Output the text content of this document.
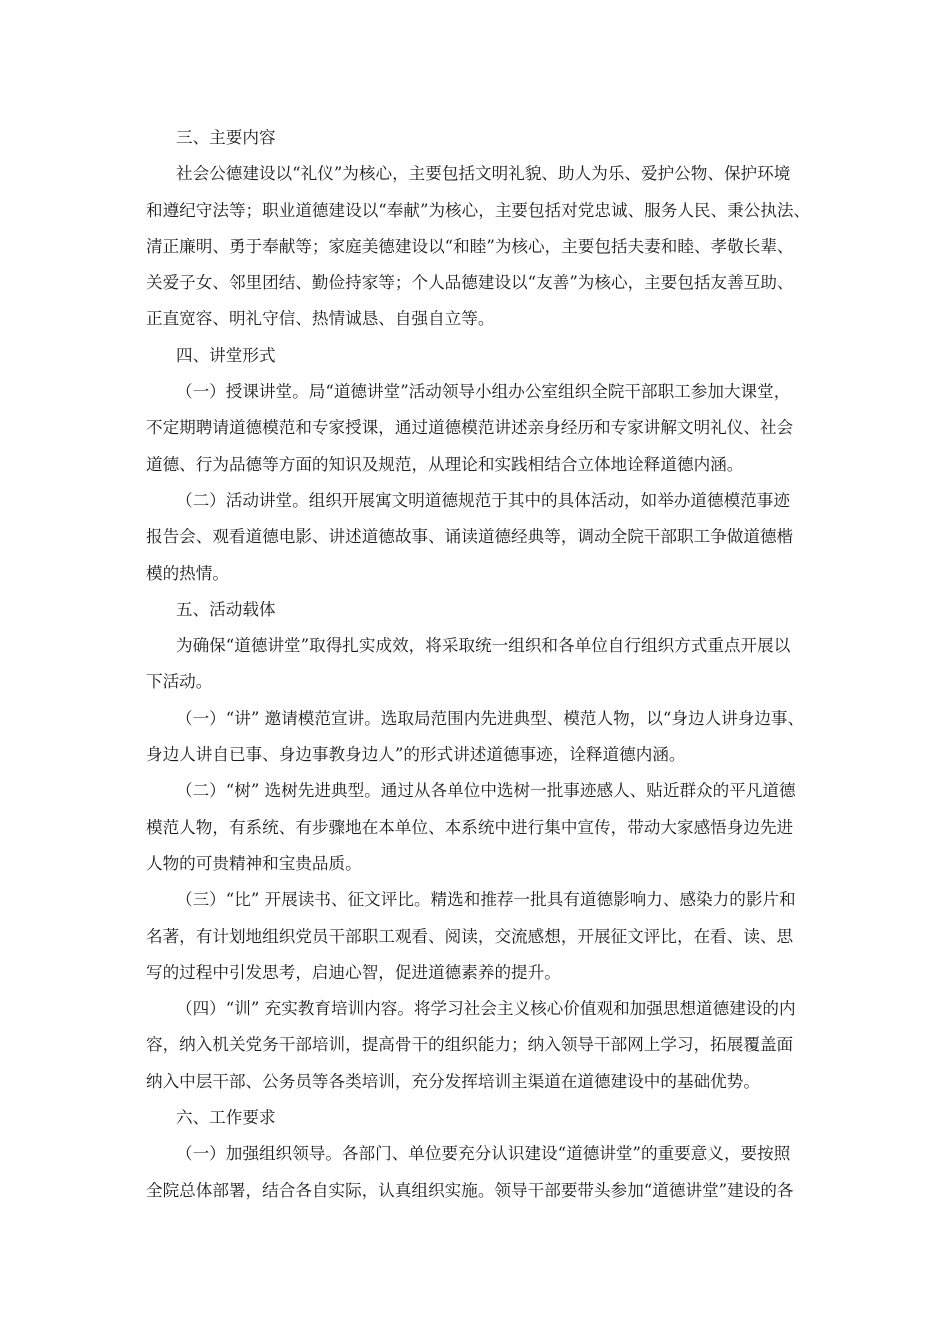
三、主要内容
社会公德建设以“礼仪”为核心，主要包括文明礼貌、助人为乐、爱护公物、保护环境
和遵纪守法等；职业道德建设以“奉献”为核心，主要包括对党忠诚、服务人民、秉公执法、
清正廉明、勇于奉献等；家庭美德建设以“和睦”为核心，主要包括夫妻和睦、孝敬长辈、
关爱子女、邻里团结、勤俭持家等；个人品德建设以“友善”为核心，主要包括友善互助、
正直宽容、明礼守信、热情诚恳、自强自立等。
四、讲堂形式
（一）授课讲堂。局“道德讲堂”活动领导小组办公室组织全院干部职工参加大课堂，
不定期聘请道德模范和专家授课，通过道德模范讲述亲身经历和专家讲解文明礼仪、社会
道德、行为品德等方面的知识及规范，从理论和实践相结合立体地诠释道德内涵。
（二）活动讲堂。组织开展寓文明道德规范于其中的具体活动，如举办道德模范事迹
报告会、观看道德电影、讲述道德故事、诵读道德经典等，调动全院干部职工争做道德楷
模的热情。
五、活动载体
为确保“道德讲堂”取得扎实成效，将采取统一组织和各单位自行组织方式重点开展以
下活动。
（一）“讲” 邀请模范宣讲。选取局范围内先进典型、模范人物，以“身边人讲身边事、
身边人讲自已事、身边事教身边人”的形式讲述道德事迹，诠释道德内涵。
（二）“树” 选树先进典型。通过从各单位中选树一批事迹感人、贴近群众的平凡道德
模范人物，有系统、有步骤地在本单位、本系统中进行集中宣传，带动大家感悟身边先进
人物的可贵精神和宝贵品质。
（三）“比” 开展读书、征文评比。精选和推荐一批具有道德影响力、感染力的影片和
名著，有计划地组织党员干部职工观看、阅读，交流感想，开展征文评比，在看、读、思
写的过程中引发思考，启迪心智，促进道德素养的提升。
（四）“训” 充实教育培训内容。将学习社会主义核心价值观和加强思想道德建设的内
容，纳入机关党务干部培训，提高骨干的组织能力；纳入领导干部网上学习，拓展覆盖面
纳入中层干部、公务员等各类培训，充分发挥培训主渠道在道德建设中的基础优势。
六、工作要求
（一）加强组织领导。各部门、单位要充分认识建设“道德讲堂”的重要意义，要按照
全院总体部署，结合各自实际，认真组织实施。领导干部要带头参加“道德讲堂”建设的各
